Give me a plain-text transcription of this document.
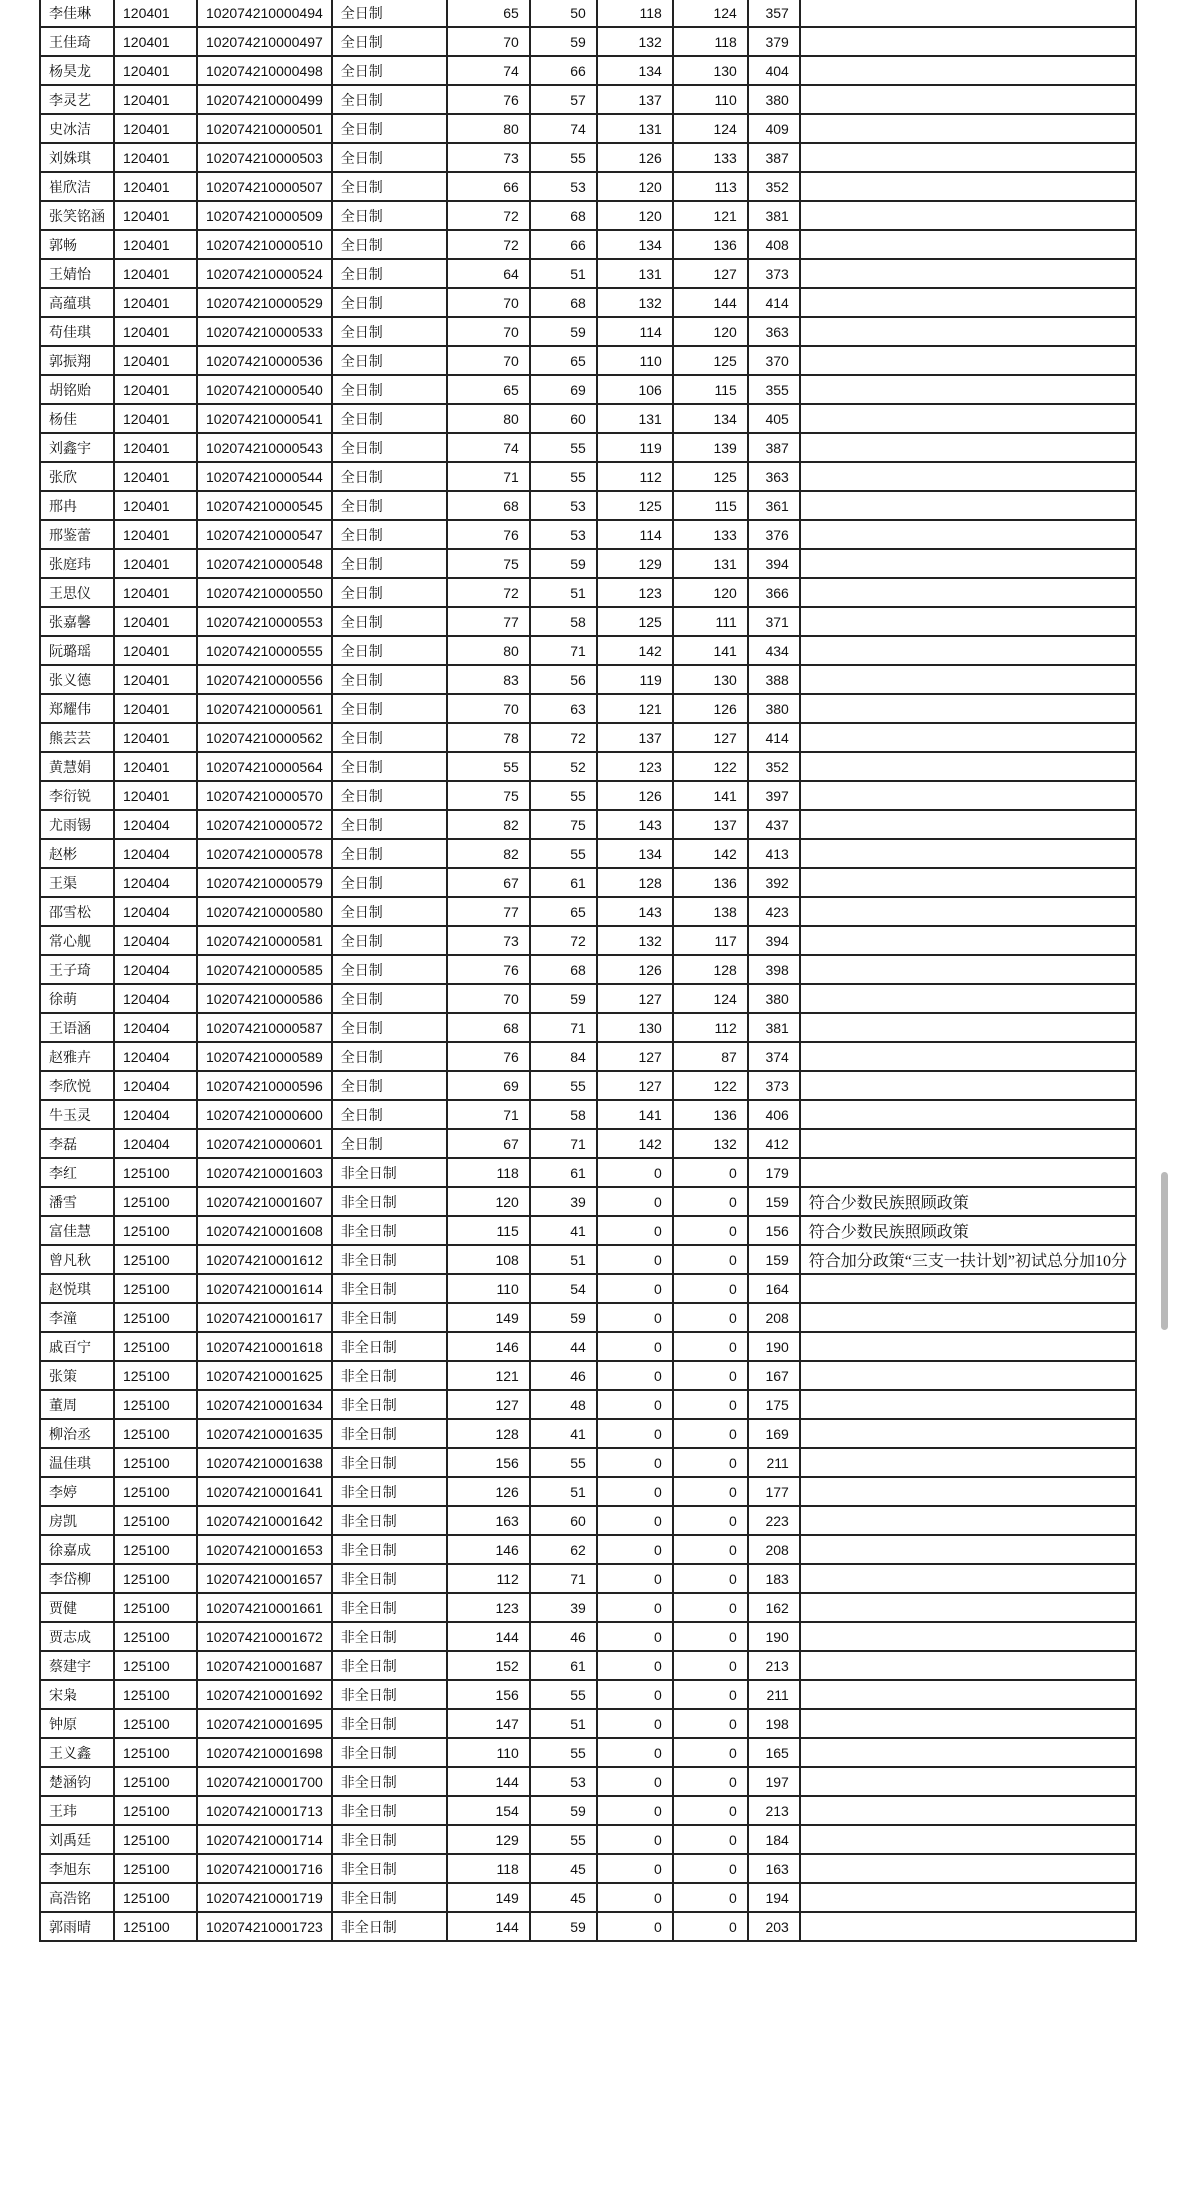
李佳琳	120401	102074210000494	全日制	65	50	118	124	357	
王佳琦	120401	102074210000497	全日制	70	59	132	118	379	
杨昊龙	120401	102074210000498	全日制	74	66	134	130	404	
李灵艺	120401	102074210000499	全日制	76	57	137	110	380	
史冰洁	120401	102074210000501	全日制	80	74	131	124	409	
刘姝琪	120401	102074210000503	全日制	73	55	126	133	387	
崔欣洁	120401	102074210000507	全日制	66	53	120	113	352	
张笑铭涵	120401	102074210000509	全日制	72	68	120	121	381	
郭畅	120401	102074210000510	全日制	72	66	134	136	408	
王婧怡	120401	102074210000524	全日制	64	51	131	127	373	
高蕴琪	120401	102074210000529	全日制	70	68	132	144	414	
苟佳琪	120401	102074210000533	全日制	70	59	114	120	363	
郭振翔	120401	102074210000536	全日制	70	65	110	125	370	
胡铭贻	120401	102074210000540	全日制	65	69	106	115	355	
杨佳	120401	102074210000541	全日制	80	60	131	134	405	
刘鑫宇	120401	102074210000543	全日制	74	55	119	139	387	
张欣	120401	102074210000544	全日制	71	55	112	125	363	
邢冉	120401	102074210000545	全日制	68	53	125	115	361	
邢鉴蕾	120401	102074210000547	全日制	76	53	114	133	376	
张庭玮	120401	102074210000548	全日制	75	59	129	131	394	
王思仪	120401	102074210000550	全日制	72	51	123	120	366	
张嘉馨	120401	102074210000553	全日制	77	58	125	111	371	
阮璐瑶	120401	102074210000555	全日制	80	71	142	141	434	
张义德	120401	102074210000556	全日制	83	56	119	130	388	
郑耀伟	120401	102074210000561	全日制	70	63	121	126	380	
熊芸芸	120401	102074210000562	全日制	78	72	137	127	414	
黄慧娟	120401	102074210000564	全日制	55	52	123	122	352	
李衍锐	120401	102074210000570	全日制	75	55	126	141	397	
尤雨锡	120404	102074210000572	全日制	82	75	143	137	437	
赵彬	120404	102074210000578	全日制	82	55	134	142	413	
王渠	120404	102074210000579	全日制	67	61	128	136	392	
邵雪松	120404	102074210000580	全日制	77	65	143	138	423	
常心舰	120404	102074210000581	全日制	73	72	132	117	394	
王子琦	120404	102074210000585	全日制	76	68	126	128	398	
徐萌	120404	102074210000586	全日制	70	59	127	124	380	
王语涵	120404	102074210000587	全日制	68	71	130	112	381	
赵雅卉	120404	102074210000589	全日制	76	84	127	87	374	
李欣悦	120404	102074210000596	全日制	69	55	127	122	373	
牛玉灵	120404	102074210000600	全日制	71	58	141	136	406	
李磊	120404	102074210000601	全日制	67	71	142	132	412	
李红	125100	102074210001603	非全日制	118	61	0	0	179	
潘雪	125100	102074210001607	非全日制	120	39	0	0	159	符合少数民族照顾政策
富佳慧	125100	102074210001608	非全日制	115	41	0	0	156	符合少数民族照顾政策
曾凡秋	125100	102074210001612	非全日制	108	51	0	0	159	符合加分政策“三支一扶计划”初试总分加10分
赵悦琪	125100	102074210001614	非全日制	110	54	0	0	164	
李潼	125100	102074210001617	非全日制	149	59	0	0	208	
戚百宁	125100	102074210001618	非全日制	146	44	0	0	190	
张策	125100	102074210001625	非全日制	121	46	0	0	167	
董周	125100	102074210001634	非全日制	127	48	0	0	175	
柳治丞	125100	102074210001635	非全日制	128	41	0	0	169	
温佳琪	125100	102074210001638	非全日制	156	55	0	0	211	
李婷	125100	102074210001641	非全日制	126	51	0	0	177	
房凯	125100	102074210001642	非全日制	163	60	0	0	223	
徐嘉成	125100	102074210001653	非全日制	146	62	0	0	208	
李岱柳	125100	102074210001657	非全日制	112	71	0	0	183	
贾健	125100	102074210001661	非全日制	123	39	0	0	162	
贾志成	125100	102074210001672	非全日制	144	46	0	0	190	
蔡建宇	125100	102074210001687	非全日制	152	61	0	0	213	
宋枭	125100	102074210001692	非全日制	156	55	0	0	211	
钟原	125100	102074210001695	非全日制	147	51	0	0	198	
王义鑫	125100	102074210001698	非全日制	110	55	0	0	165	
楚涵钧	125100	102074210001700	非全日制	144	53	0	0	197	
王玮	125100	102074210001713	非全日制	154	59	0	0	213	
刘禹廷	125100	102074210001714	非全日制	129	55	0	0	184	
李旭东	125100	102074210001716	非全日制	118	45	0	0	163	
高浩铭	125100	102074210001719	非全日制	149	45	0	0	194	
郭雨晴	125100	102074210001723	非全日制	144	59	0	0	203	
